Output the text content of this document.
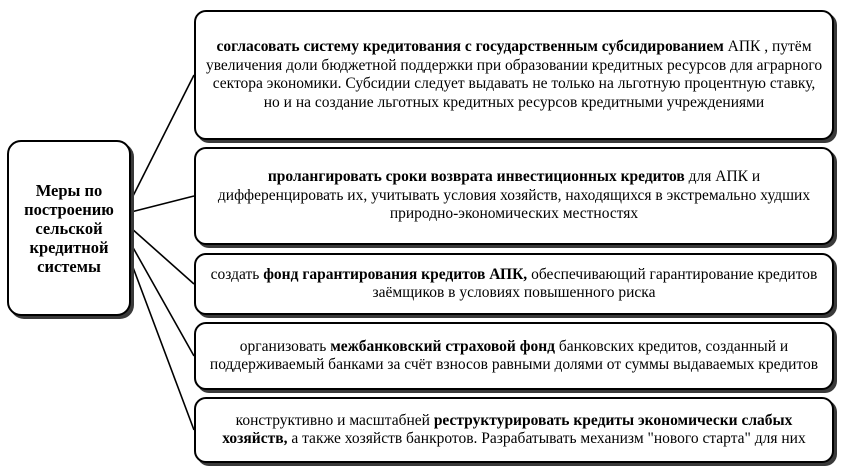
Меры по построению сельской кредитной системы
согласовать систему кредитования с государственным субсидированием АПК , путём увеличения доли бюджетной поддержки при образовании кредитных ресурсов для аграрного сектора экономики. Субсидии следует выдавать не только на льготную процентную ставку, но и на создание льготных кредитных ресурсов кредитными учреждениями
пролангировать сроки возврата инвестиционных кредитов для АПК и дифференцировать их, учитывать условия хозяйств, находящихся в экстремально худших природно-экономических местностях
создать фонд гарантирования кредитов АПК, обеспечивающий гарантирование кредитов заёмщиков в условиях повышенного риска
организовать межбанковский страховой фонд банковских кредитов, созданный и поддерживаемый банками за счёт взносов равными долями от суммы выдаваемых кредитов
конструктивно и масштабней реструктурировать кредиты экономически слабых хозяйств, а также хозяйств банкротов. Разрабатывать механизм "нового старта" для них
